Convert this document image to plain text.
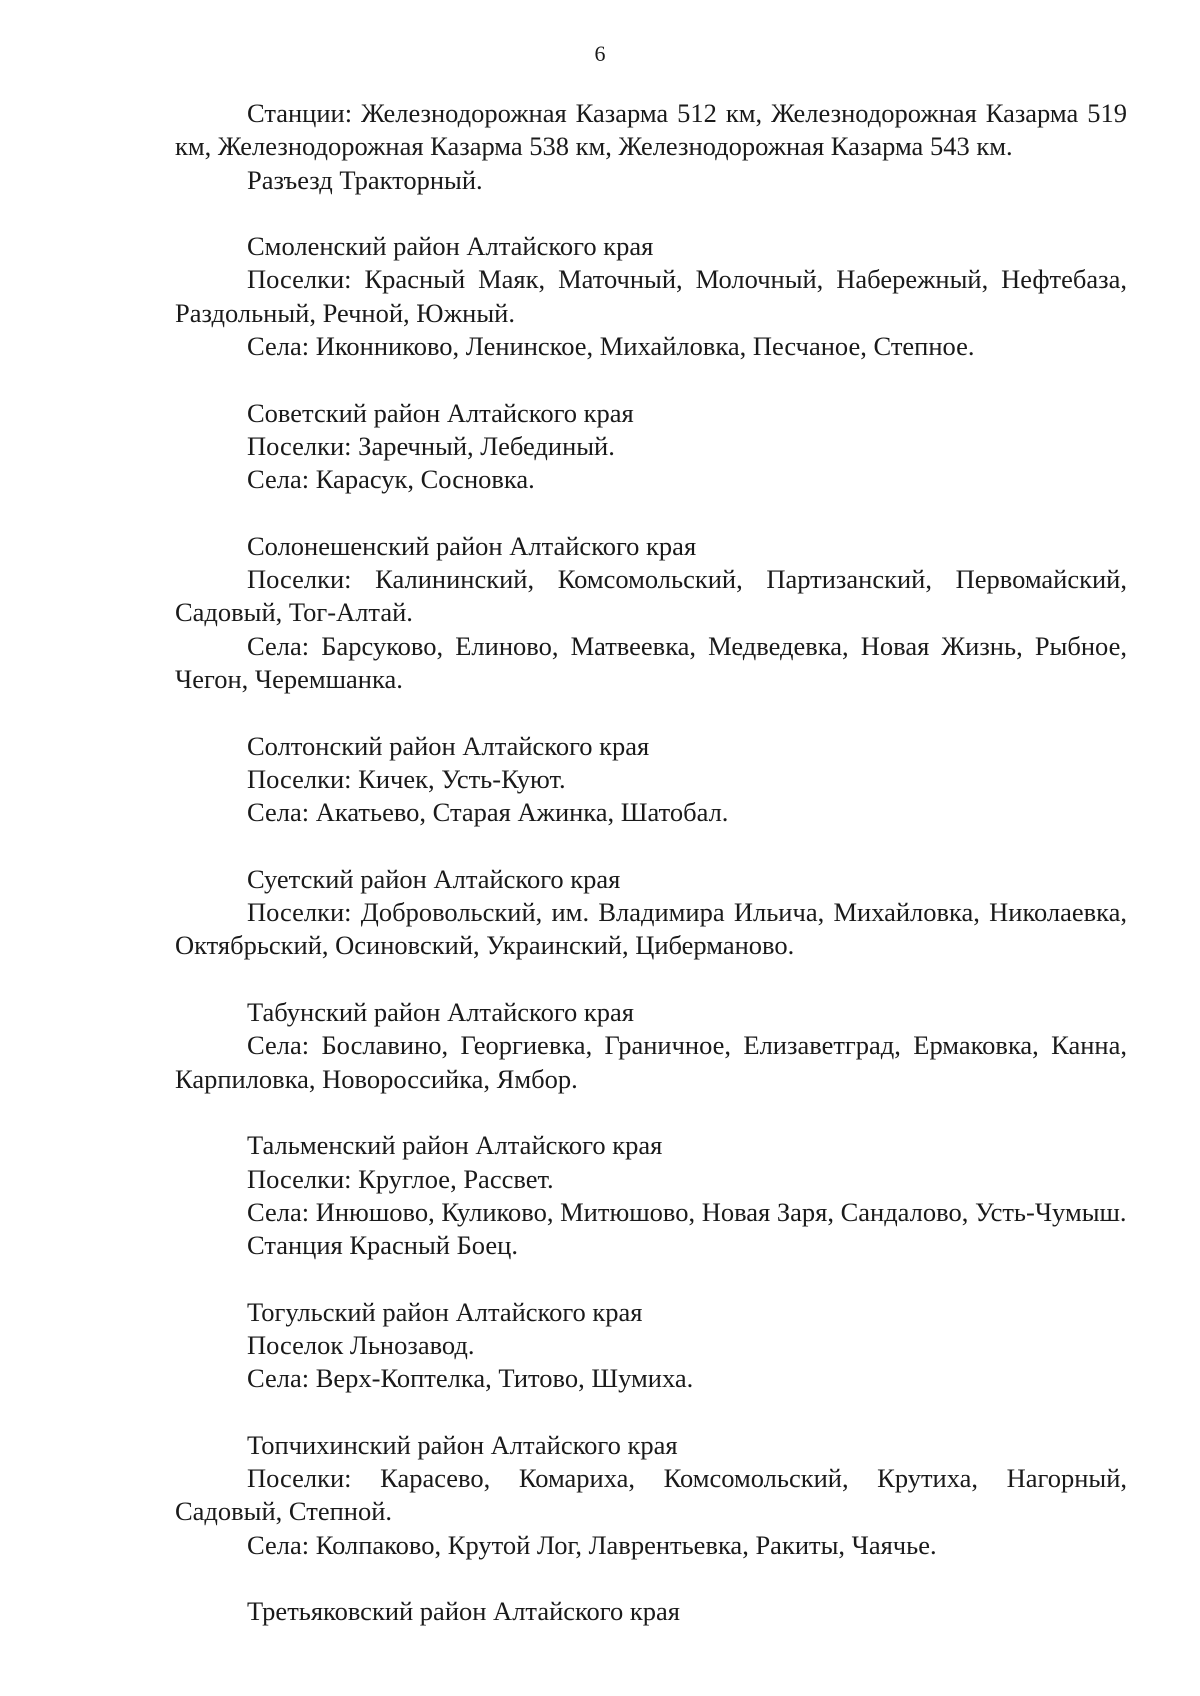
6

Станции: Железнодорожная Казарма 512 км, Железнодорожная Казарма 519 км, Железнодорожная Казарма 538 км, Железнодорожная Казарма 543 км.

Разъезд Тракторный.

Смоленский район Алтайского края

Поселки: Красный Маяк, Маточный, Молочный, Набережный, Нефтебаза, Раздольный, Речной, Южный.

Села: Иконниково, Ленинское, Михайловка, Песчаное, Степное.

Советский район Алтайского края

Поселки: Заречный, Лебединый.

Села: Карасук, Сосновка.

Солонешенский район Алтайского края

Поселки: Калининский, Комсомольский, Партизанский, Первомайский, Садовый, Тог-Алтай.

Села: Барсуково, Елиново, Матвеевка, Медведевка, Новая Жизнь, Рыбное, Чегон, Черемшанка.

Солтонский район Алтайского края

Поселки: Кичек, Усть-Куют.

Села: Акатьево, Старая Ажинка, Шатобал.

Суетский район Алтайского края

Поселки: Добровольский, им. Владимира Ильича, Михайловка, Николаевка, Октябрьский, Осиновский, Украинский, Циберманово.

Табунский район Алтайского края

Села: Бославино, Георгиевка, Граничное, Елизаветград, Ермаковка, Канна, Карпиловка, Новороссийка, Ямбор.

Тальменский район Алтайского края

Поселки: Круглое, Рассвет.

Села: Инюшово, Куликово, Митюшово, Новая Заря, Сандалово, Усть-Чумыш.

Станция Красный Боец.

Тогульский район Алтайского края

Поселок Льнозавод.

Села: Верх-Коптелка, Титово, Шумиха.

Топчихинский район Алтайского края

Поселки: Карасево, Комариха, Комсомольский, Крутиха, Нагорный, Садовый, Степной.

Села: Колпаково, Крутой Лог, Лаврентьевка, Ракиты, Чаячье.

Третьяковский район Алтайского края
